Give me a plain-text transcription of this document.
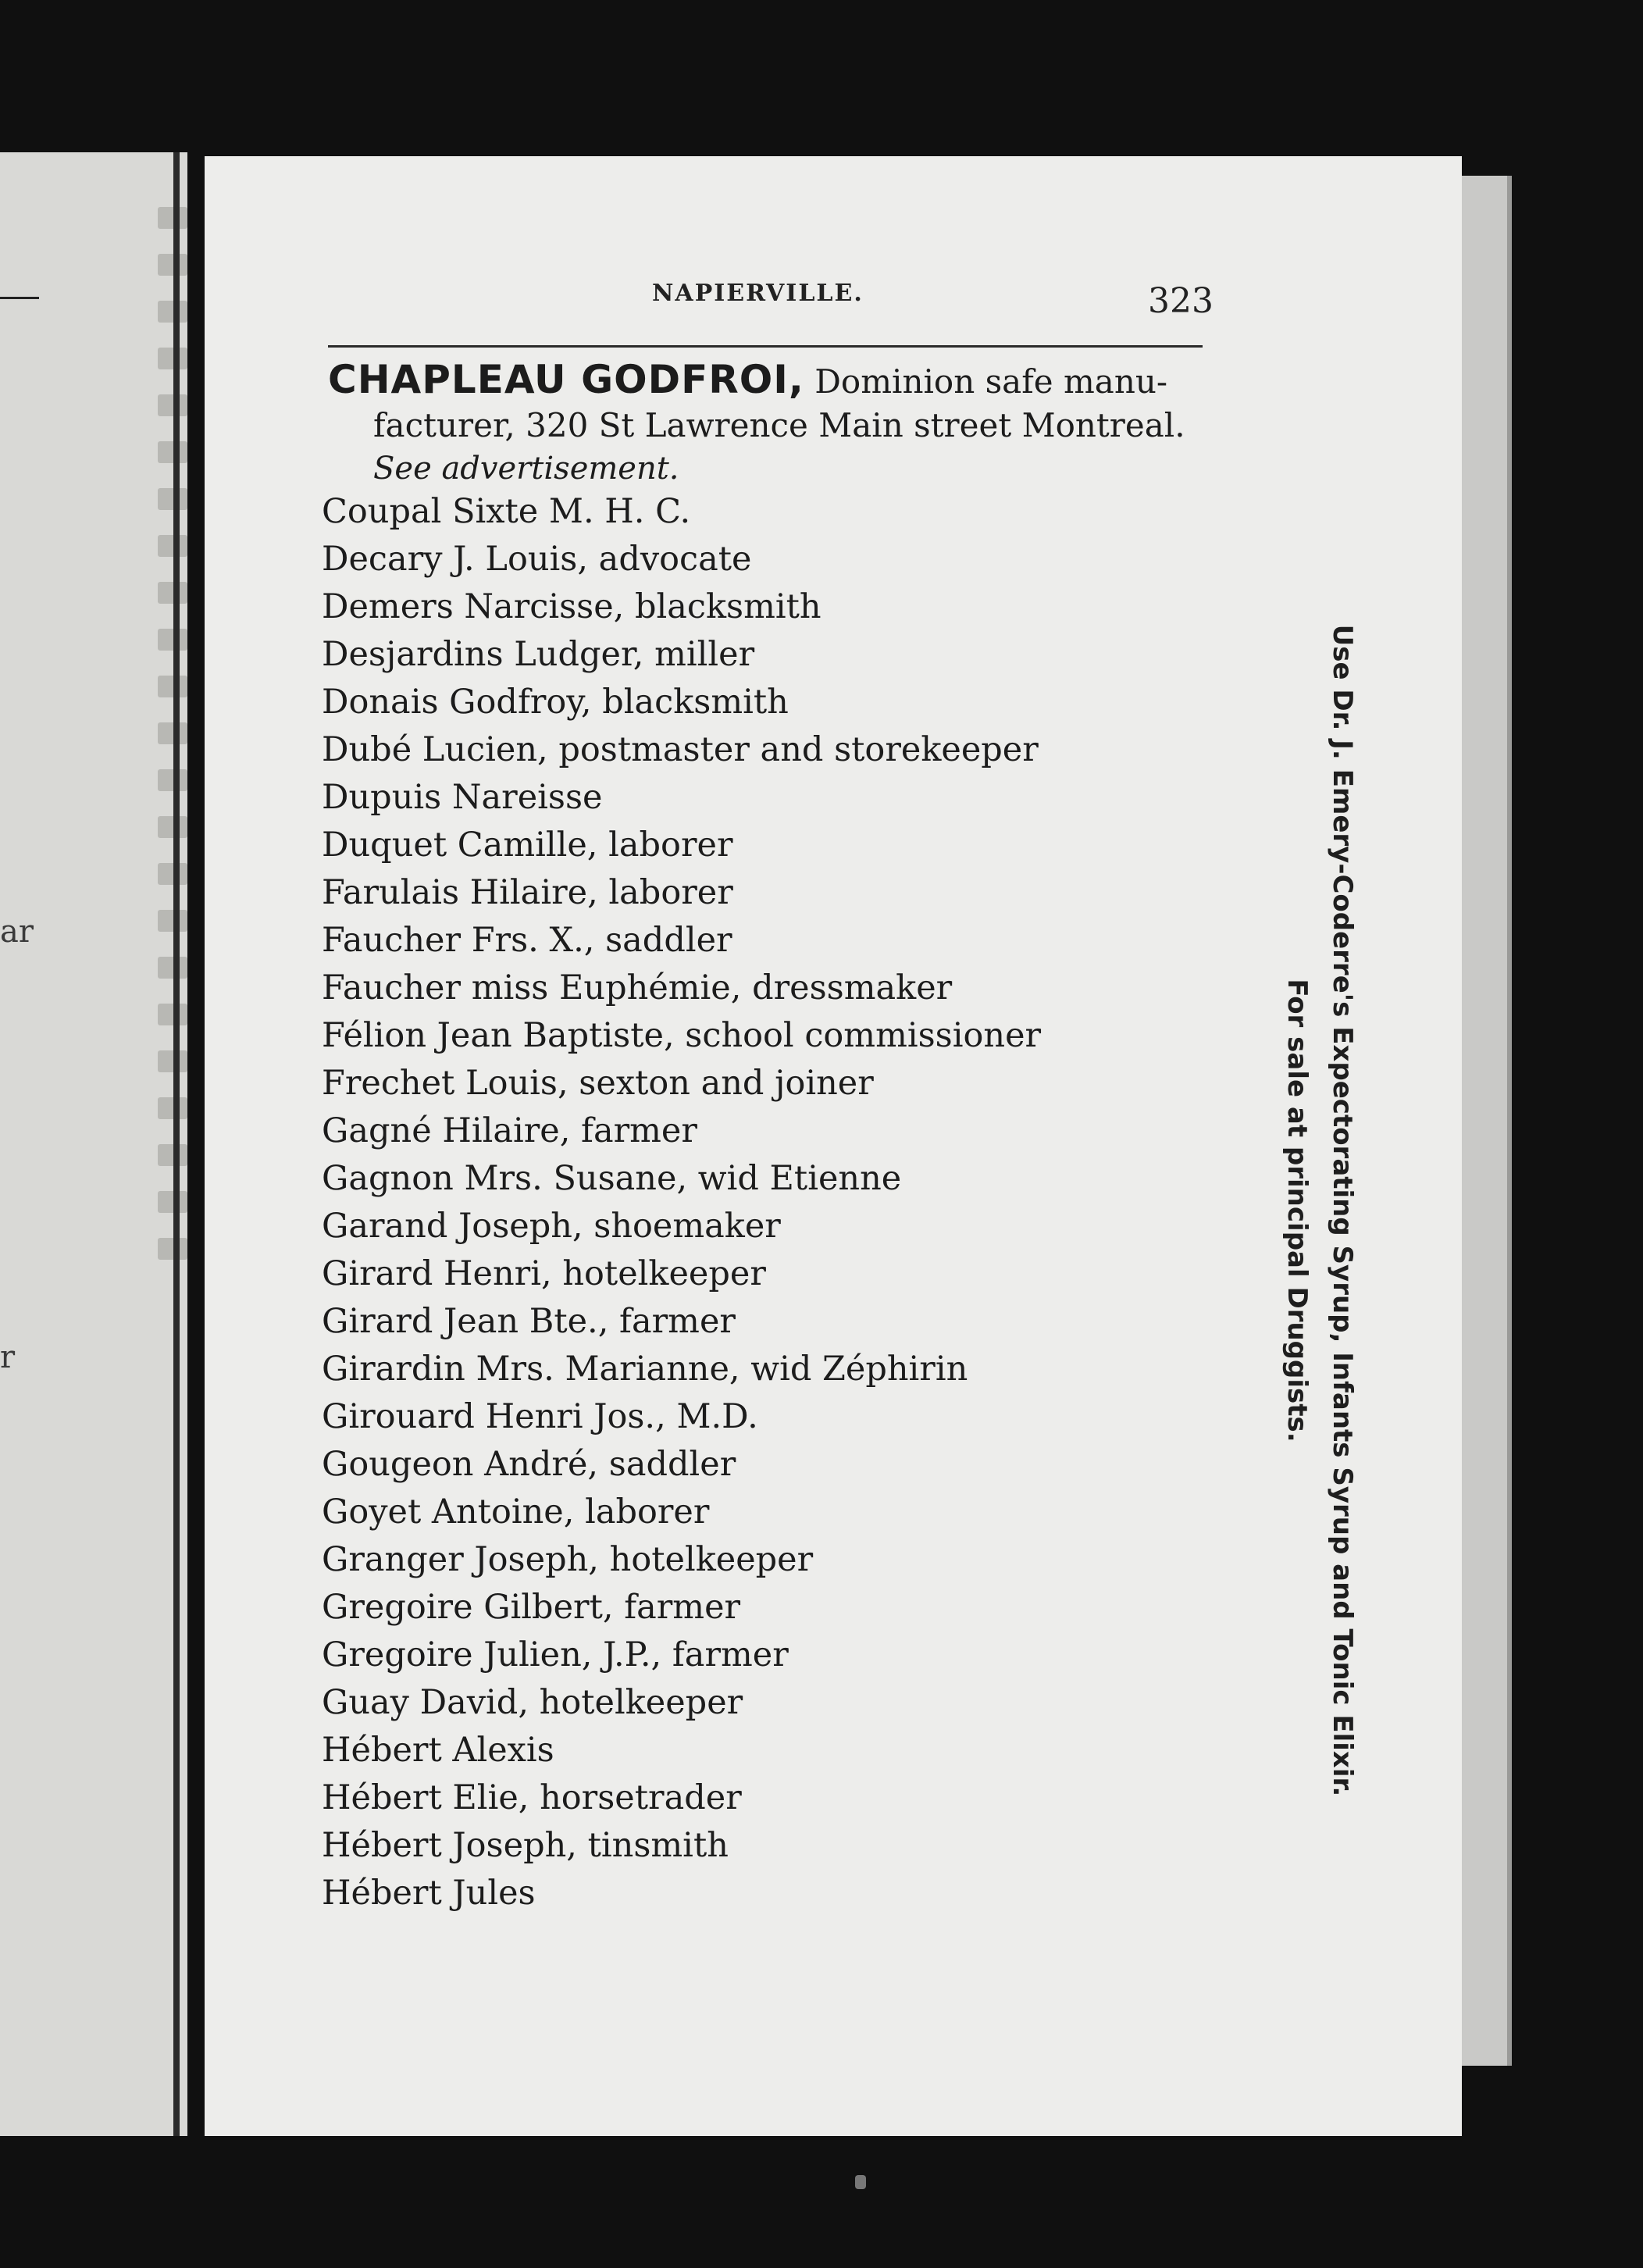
ar
r
NAPIERVILLE.	323
CHAPLEAU GODFROI, Dominion safe manu-
facturer, 320 St Lawrence Main street Montreal.
See advertisement.
Coupal Sixte M. H. C.
Decary J. Louis, advocate
Demers Narcisse, blacksmith
Desjardins Ludger, miller
Donais Godfroy, blacksmith
Dubé Lucien, postmaster and storekeeper
Dupuis Nareisse
Duquet Camille, laborer
Farulais Hilaire, laborer
Faucher Frs. X., saddler
Faucher miss Euphémie, dressmaker
Félion Jean Baptiste, school commissioner
Frechet Louis, sexton and joiner
Gagné Hilaire, farmer
Gagnon Mrs. Susane, wid Etienne
Garand Joseph, shoemaker
Girard Henri, hotelkeeper
Girard Jean Bte., farmer
Girardin Mrs. Marianne, wid Zéphirin
Girouard Henri Jos., M.D.
Gougeon André, saddler
Goyet Antoine, laborer
Granger Joseph, hotelkeeper
Gregoire Gilbert, farmer
Gregoire Julien, J.P., farmer
Guay David, hotelkeeper
Hébert Alexis
Hébert Elie, horsetrader
Hébert Joseph, tinsmith
Hébert Jules
Use Dr. J. Emery-Coderre's Expectorating Syrup, Infants Syrup and Tonic Elixir.
For sale at principal Druggists.
